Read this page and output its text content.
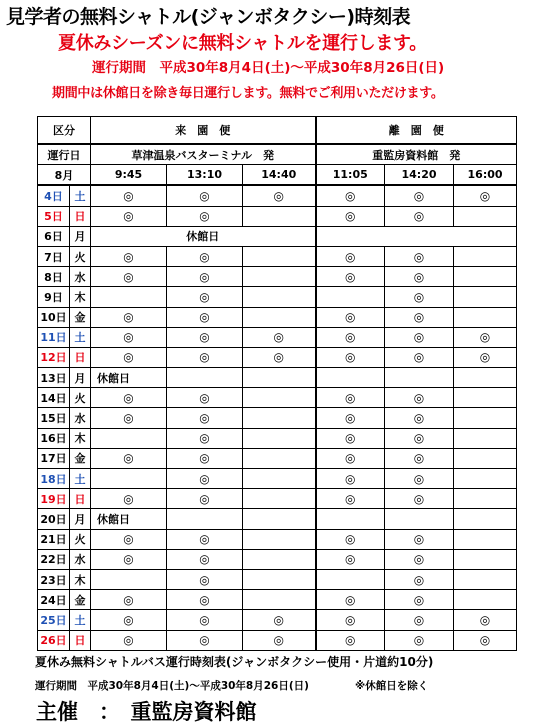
見学者の無料シャトル(ジャンボタクシー)時刻表
夏休みシーズンに無料シャトルを運行します。
運行期間　平成30年8月4日(土)～平成30年8月26日(日)
期間中は休館日を除き毎日運行します。無料でご利用いただけます。
区分		来　園　便			離　園　便		
運行日		草津温泉バスターミナル　発			重監房資料館　発		
8月		9:45	13:10	14:40	11:05	14:20	16:00
4日	土	◎	◎	◎	◎	◎	◎
5日	日	◎	◎		◎	◎	
6日	月	休館日					
7日	火	◎	◎		◎	◎	
8日	水	◎	◎		◎	◎	
9日	木		◎			◎	
10日	金	◎	◎		◎	◎	
11日	土	◎	◎	◎	◎	◎	◎
12日	日	◎	◎	◎	◎	◎	◎
13日	月	休館日					
14日	火	◎	◎		◎	◎	
15日	水	◎	◎		◎	◎	
16日	木		◎		◎	◎	
17日	金	◎	◎		◎	◎	
18日	土		◎		◎	◎	
19日	日	◎	◎		◎	◎	
20日	月	休館日					
21日	火	◎	◎		◎	◎	
22日	水	◎	◎		◎	◎	
23日	木		◎			◎	
24日	金	◎	◎		◎	◎	
25日	土	◎	◎	◎	◎	◎	◎
26日	日	◎	◎	◎	◎	◎	◎
夏休み無料シャトルバス運行時刻表(ジャンボタクシー使用・片道約10分)
運行期間　平成30年8月4日(土)～平成30年8月26日(日)	※休館日を除く
主催　：　重監房資料館
